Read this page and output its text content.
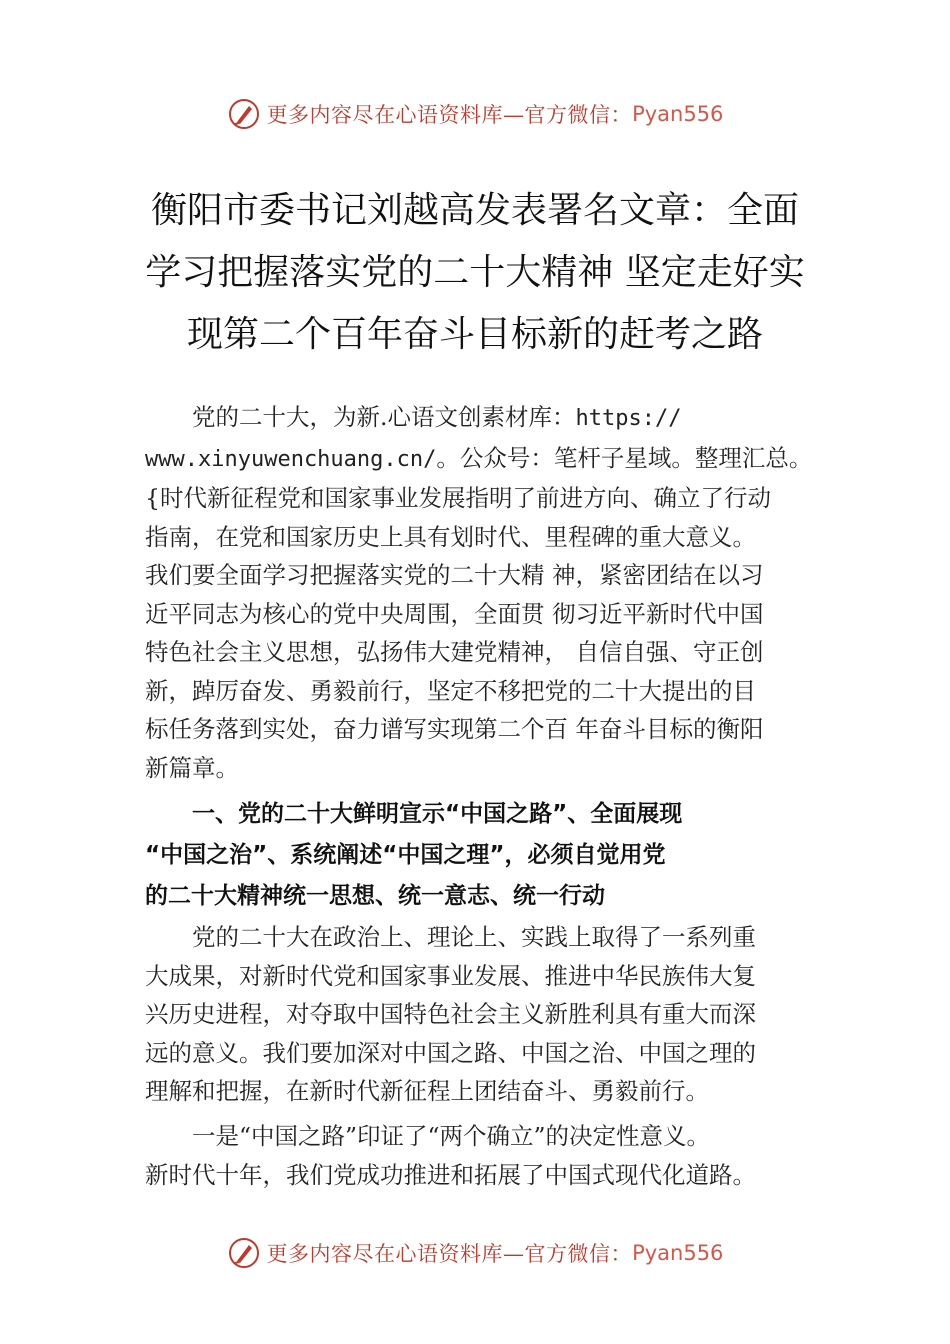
更多内容尽在心语资料库—官方微信： Pyan556
衡阳市委书记刘越高发表署名文章：全面
学习把握落实党的二十大精神 坚定走好实
现第二个百年奋斗目标新的赶考之路
党的二十大，为新.心语文创素材库：https://
www.xinyuwenchuang.cn/。公众号：笔杆子星域。整理汇总。
{时代新征程党和国家事业发展指明了前进方向、确立了行动
指南，在党和国家历史上具有划时代、里程碑的重大意义。
我们要全面学习把握落实党的二十大精 神，紧密团结在以习
近平同志为核心的党中央周围，全面贯 彻习近平新时代中国
特色社会主义思想，弘扬伟大建党精神， 自信自强、守正创
新，踔厉奋发、勇毅前行，坚定不移把党的二十大提出的目
标任务落到实处，奋力谱写实现第二个百 年奋斗目标的衡阳
新篇章。
一、党的二十大鲜明宣示“中国之路”、全面展现
“中国之治”、系统阐述“中国之理”，必须自觉用党
的二十大精神统一思想、统一意志、统一行动
党的二十大在政治上、理论上、实践上取得了一系列重
大成果，对新时代党和国家事业发展、推进中华民族伟大复
兴历史进程，对夺取中国特色社会主义新胜利具有重大而深
远的意义。我们要加深对中国之路、中国之治、中国之理的
理解和把握，在新时代新征程上团结奋斗、勇毅前行。
一是“中国之路”印证了“两个确立”的决定性意义。
新时代十年，我们党成功推进和拓展了中国式现代化道路。
更多内容尽在心语资料库—官方微信： Pyan556
